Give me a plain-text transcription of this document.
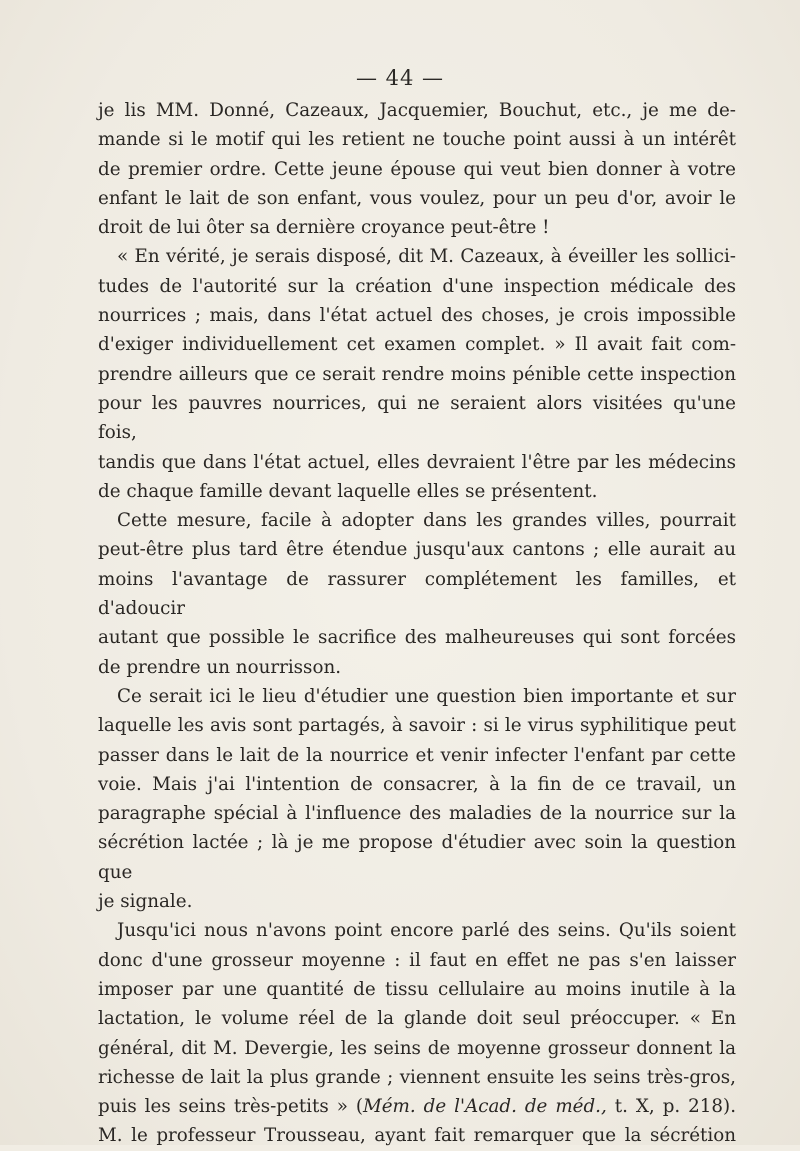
— 44 —

je lis MM. Donné, Cazeaux, Jacquemier, Bouchut, etc., je me de-

mande si le motif qui les retient ne touche point aussi à un intérêt

de premier ordre. Cette jeune épouse qui veut bien donner à votre

enfant le lait de son enfant, vous voulez, pour un peu d'or, avoir le

droit de lui ôter sa dernière croyance peut-être !

« En vérité, je serais disposé, dit M. Cazeaux, à éveiller les sollici-

tudes de l'autorité sur la création d'une inspection médicale des

nourrices ; mais, dans l'état actuel des choses, je crois impossible

d'exiger individuellement cet examen complet. » Il avait fait com-

prendre ailleurs que ce serait rendre moins pénible cette inspection

pour les pauvres nourrices, qui ne seraient alors visitées qu'une fois,

tandis que dans l'état actuel, elles devraient l'être par les médecins

de chaque famille devant laquelle elles se présentent.

Cette mesure, facile à adopter dans les grandes villes, pourrait

peut-être plus tard être étendue jusqu'aux cantons ; elle aurait au

moins l'avantage de rassurer complétement les familles, et d'adoucir

autant que possible le sacrifice des malheureuses qui sont forcées

de prendre un nourrisson.

Ce serait ici le lieu d'étudier une question bien importante et sur

laquelle les avis sont partagés, à savoir : si le virus syphilitique peut

passer dans le lait de la nourrice et venir infecter l'enfant par cette

voie. Mais j'ai l'intention de consacrer, à la fin de ce travail, un

paragraphe spécial à l'influence des maladies de la nourrice sur la

sécrétion lactée ; là je me propose d'étudier avec soin la question que

je signale.

Jusqu'ici nous n'avons point encore parlé des seins. Qu'ils soient

donc d'une grosseur moyenne : il faut en effet ne pas s'en laisser

imposer par une quantité de tissu cellulaire au moins inutile à la

lactation, le volume réel de la glande doit seul préoccuper. « En

général, dit M. Devergie, les seins de moyenne grosseur donnent la

richesse de lait la plus grande ; viennent ensuite les seins très-gros,

puis les seins très-petits » (Mém. de l'Acad. de méd., t. X, p. 218).

M. le professeur Trousseau, ayant fait remarquer que la sécrétion
